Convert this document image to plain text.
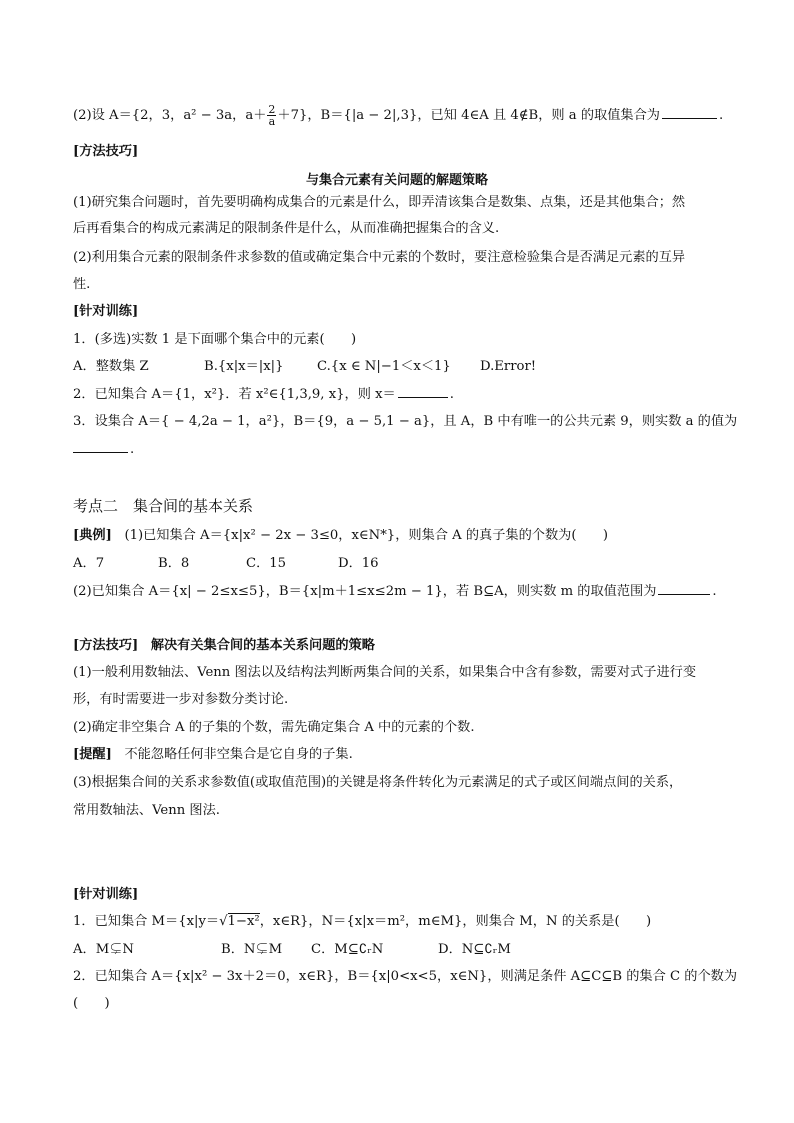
(2)设 A＝{2，3，a² − 3a，$a+ \frac{2}{a} +7$}，B＝{|a − 2|,3}，已知 4∈A 且 4∉B，则 a 的取值集合为	.
[方法技巧]
与集合元素有关问题的解题策略
(1)研究集合问题时，首先要明确构成集合的元素是什么，即弄清该集合是数集、点集，还是其他集合；然
后再看集合的构成元素满足的限制条件是什么，从而准确把握集合的含义.
(2)利用集合元素的限制条件求参数的值或确定集合中元素的个数时，要注意检验集合是否满足元素的互异
性.
[针对训练]
1．(多选)实数 1 是下面哪个集合中的元素(　　)
A．整数集 Z	B.{x|x＝|x|}	C.{x ∈ N|−1＜x＜1} D.Error!
2．已知集合 A＝{1，x²}．若 x²∈{1,3,9, x}，则 x＝	.
3．设集合 A＝{ − 4,2a − 1，a²}，B＝{9，a − 5,1 − a}，且 A，B 中有唯一的公共元素 9，则实数 a 的值为
.
考点二　集合间的基本关系
[典例] (1)已知集合 A＝{x|x² − 2x − 3≤0，x∈N*}，则集合 A 的真子集的个数为(　　)
A．7	B．8	C．15	D．16
(2)已知集合 A＝{x| − 2≤x≤5}，B＝{x|m＋1≤x≤2m − 1}，若 B⊆A，则实数 m 的取值范围为	.
[方法技巧] 解决有关集合间的基本关系问题的策略
(1)一般利用数轴法、Venn 图法以及结构法判断两集合间的关系，如果集合中含有参数，需要对式子进行变
形，有时需要进一步对参数分类讨论.
(2)确定非空集合 A 的子集的个数，需先确定集合 A 中的元素的个数.
[提醒] 不能忽略任何非空集合是它自身的子集.
(3)根据集合间的关系求参数值(或取值范围)的关键是将条件转化为元素满足的式子或区间端点间的关系，
常用数轴法、Venn 图法.
[针对训练]
1．已知集合 M＝{x|y＝√1−x²，x∈R}，N＝{x|x＝m²，m∈M}，则集合 M，N 的关系是(　　)
A．M⊊N	B．N⊊M C．M⊆∁ᵣN	D．N⊆∁ᵣM
2．已知集合 A＝{x|x² − 3x＋2＝0，x∈R}，B＝{x|0<x<5，x∈N}，则满足条件 A⊆C⊆B 的集合 C 的个数为
(　　)
